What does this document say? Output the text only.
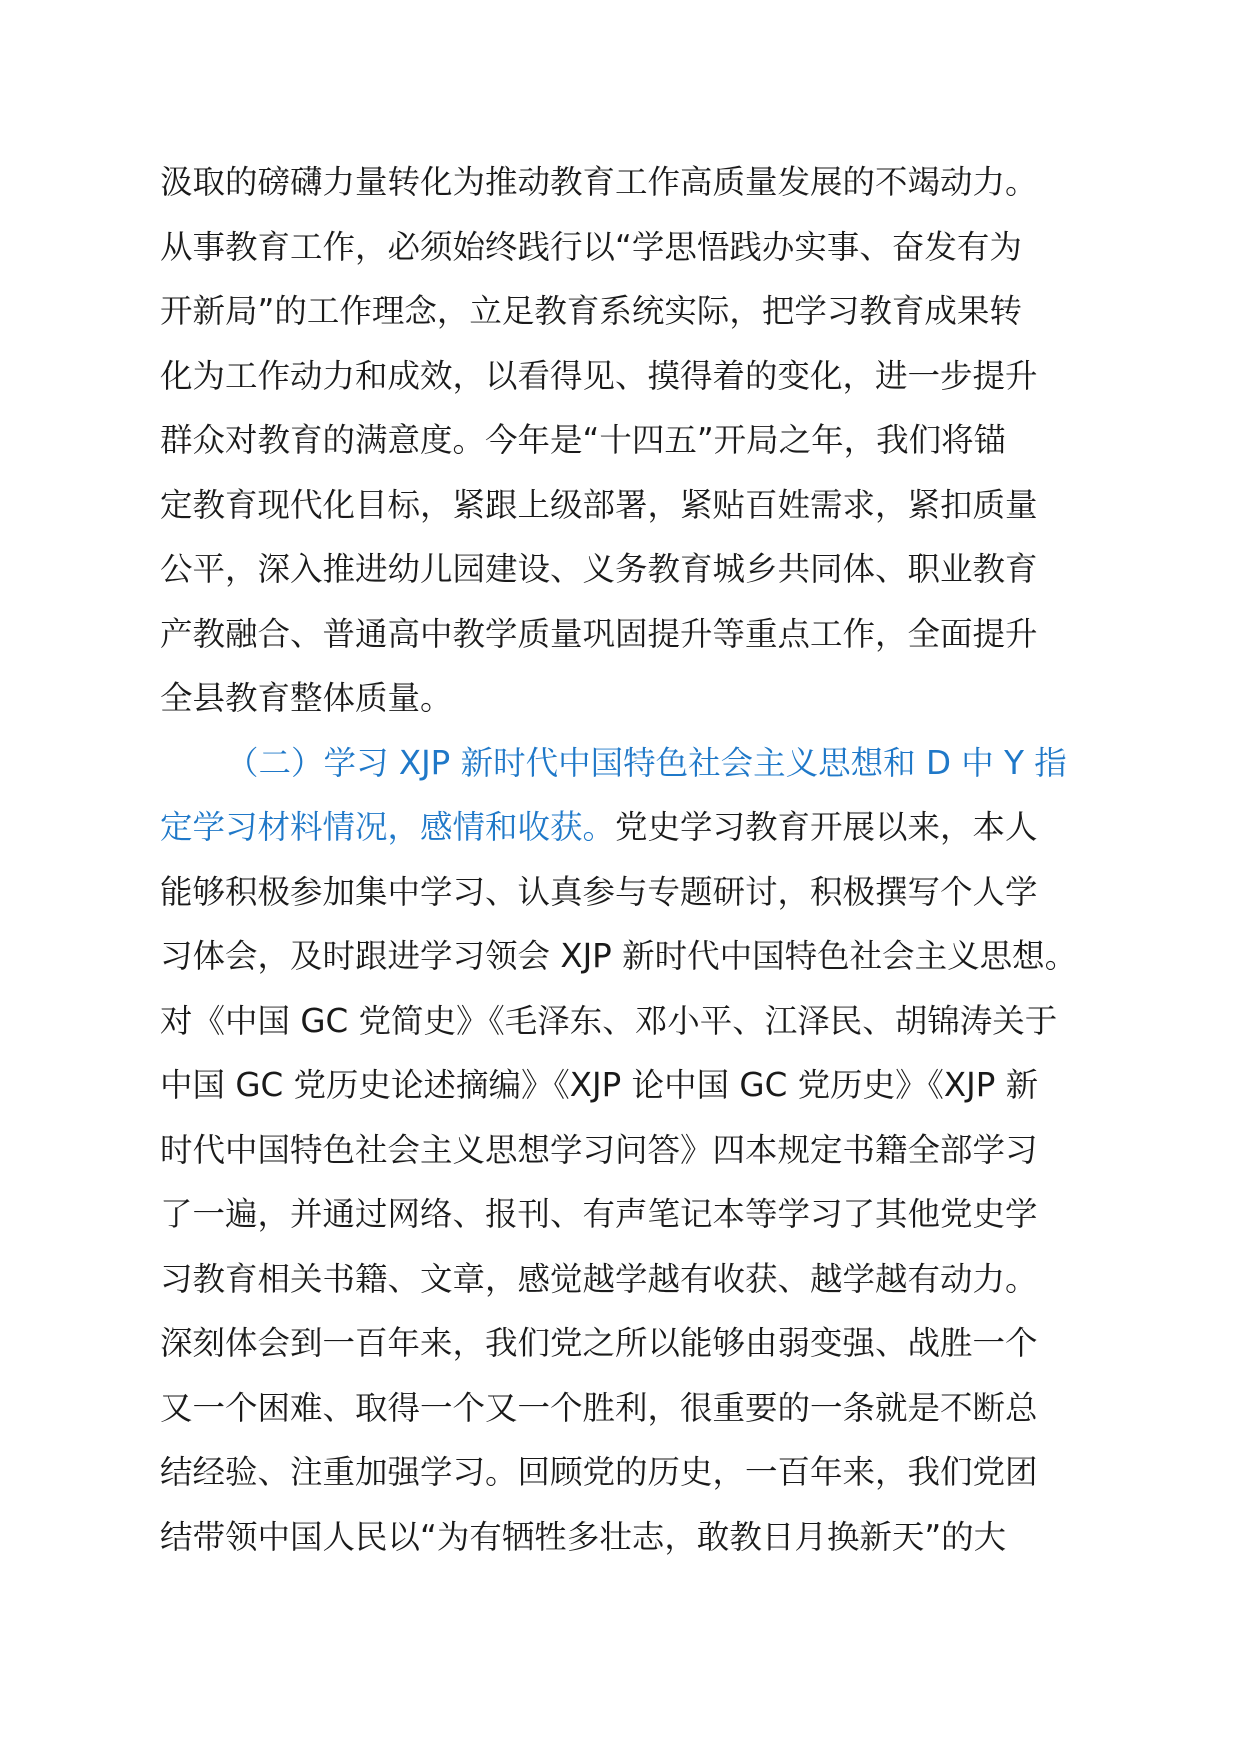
汲取的磅礴力量转化为推动教育工作高质量发展的不竭动力。
从事教育工作，必须始终践行以“学思悟践办实事、奋发有为
开新局”的工作理念，立足教育系统实际，把学习教育成果转
化为工作动力和成效，以看得见、摸得着的变化，进一步提升
群众对教育的满意度。今年是“十四五”开局之年，我们将锚
定教育现代化目标，紧跟上级部署，紧贴百姓需求，紧扣质量
公平，深入推进幼儿园建设、义务教育城乡共同体、职业教育
产教融合、普通高中教学质量巩固提升等重点工作，全面提升
全县教育整体质量。
（二）学习 XJP 新时代中国特色社会主义思想和 D 中 Y 指
定学习材料情况，感情和收获。党史学习教育开展以来，本人
能够积极参加集中学习、认真参与专题研讨，积极撰写个人学
习体会，及时跟进学习领会 XJP 新时代中国特色社会主义思想。
对《中国 GC 党简史》《毛泽东、邓小平、江泽民、胡锦涛关于
中国 GC 党历史论述摘编》《XJP 论中国 GC 党历史》《XJP 新
时代中国特色社会主义思想学习问答》四本规定书籍全部学习
了一遍，并通过网络、报刊、有声笔记本等学习了其他党史学
习教育相关书籍、文章，感觉越学越有收获、越学越有动力。
深刻体会到一百年来，我们党之所以能够由弱变强、战胜一个
又一个困难、取得一个又一个胜利，很重要的一条就是不断总
结经验、注重加强学习。回顾党的历史，一百年来，我们党团
结带领中国人民以“为有牺牲多壮志，敢教日月换新天”的大
